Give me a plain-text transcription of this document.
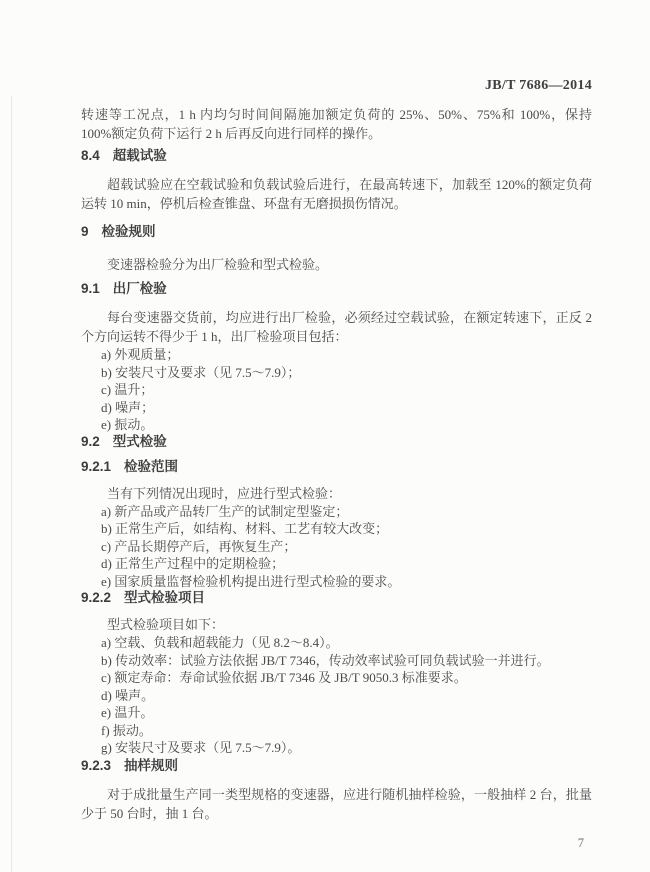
JB/T 7686—2014

转速等工况点，1 h 内均匀时间间隔施加额定负荷的 25%、50%、75%和 100%，保持 100%额定负荷下运行 2 h 后再反向进行同样的操作。

8.4 超载试验

超载试验应在空载试验和负载试验后进行，在最高转速下，加载至 120%的额定负荷运转 10 min，停机后检查锥盘、环盘有无磨损损伤情况。

9 检验规则

变速器检验分为出厂检验和型式检验。

9.1 出厂检验

每台变速器交货前，均应进行出厂检验，必须经过空载试验，在额定转速下，正反 2 个方向运转不得少于 1 h，出厂检验项目包括：

a) 外观质量；
b) 安装尺寸及要求（见 7.5～7.9）；
c) 温升；
d) 噪声；
e) 振动。
9.2 型式检验
9.2.1 检验范围

当有下列情况出现时，应进行型式检验：

a) 新产品或产品转厂生产的试制定型鉴定；
b) 正常生产后，如结构、材料、工艺有较大改变；
c) 产品长期停产后，再恢复生产；
d) 正常生产过程中的定期检验；
e) 国家质量监督检验机构提出进行型式检验的要求。
9.2.2 型式检验项目

型式检验项目如下：

a) 空载、负载和超载能力（见 8.2～8.4）。
b) 传动效率：试验方法依据 JB/T 7346，传动效率试验可同负载试验一并进行。
c) 额定寿命：寿命试验依据 JB/T 7346 及 JB/T 9050.3 标准要求。
d) 噪声。
e) 温升。
f) 振动。
g) 安装尺寸及要求（见 7.5～7.9）。
9.2.3 抽样规则

对于成批量生产同一类型规格的变速器，应进行随机抽样检验，一般抽样 2 台，批量少于 50 台时，抽 1 台。

7
